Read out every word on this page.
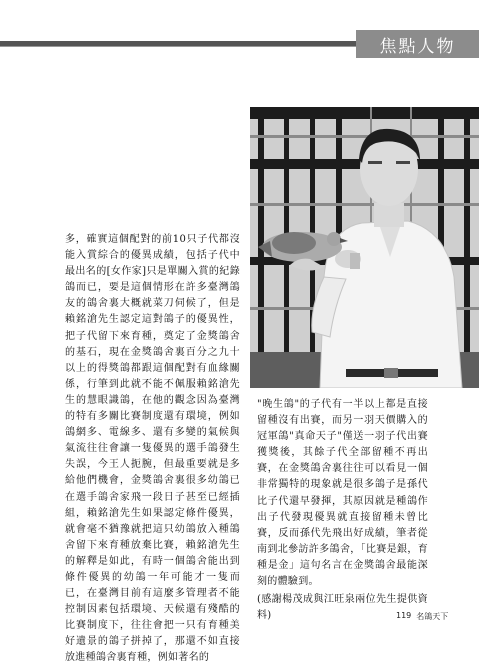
焦點人物

多，確實這個配對的前10只子代都沒能入賞綜合的優異成績，包括子代中最出名的[女作家]只是單關入賞的紀錄鴿而已，要是這個情形在許多臺灣鴿友的鴿舍裏大概就菜刀伺候了，但是賴銘滄先生認定這對鴿子的優異性，把子代留下來育種，奠定了金獎鴿舍的基石，現在金獎鴿舍裏百分之九十以上的得獎鴿都跟這個配對有血緣關係，行筆到此就不能不佩服賴銘滄先生的慧眼識鴿，在他的觀念因為臺灣的特有多關比賽制度還有環境，例如鴿網多、電線多、還有多變的氣候與氣流往往會讓一隻優異的選手鴿發生失誤，今王人扼腕，但最重要就是多給他們機會，金獎鴿舍裏很多幼鴿已在選手鴿舍家飛一段日子甚至已經插組，賴銘滄先生如果認定條件優異，就會毫不猶豫就把這只幼鴿放入種鴿舍留下來育種放棄比賽，賴銘滄先生的解釋是如此，有時一個鴿舍能出到條件優異的幼鴿一年可能才一隻而已，在臺灣目前有這麼多管理者不能控制因素包括環境、天候還有殘酷的比賽制度下，往往會把一只有育種美好遺景的鴿子拼掉了，那還不如直接放進種鴿舍裏育種，例如著名的

"晚生鴿"的子代有一半以上都是直接留種沒有出賽，而另一羽天價購入的冠軍鴿"真命天子"僅送一羽子代出賽獲獎後，其餘子代全部留種不再出賽，在金獎鴿舍裏往往可以看見一個非常獨特的現象就是很多鴿子是孫代比子代還早發揮，其原因就是種鴿作出子代發現優異就直接留種未曾比賽，反而孫代先飛出好成績，筆者從南到北參訪許多鴿舍，「比賽是銀，育種是金」這句名言在金獎鴿舍最能深刻的體驗到。

(感謝楊茂成與江旺泉兩位先生提供資料)	119 名鴿天下
